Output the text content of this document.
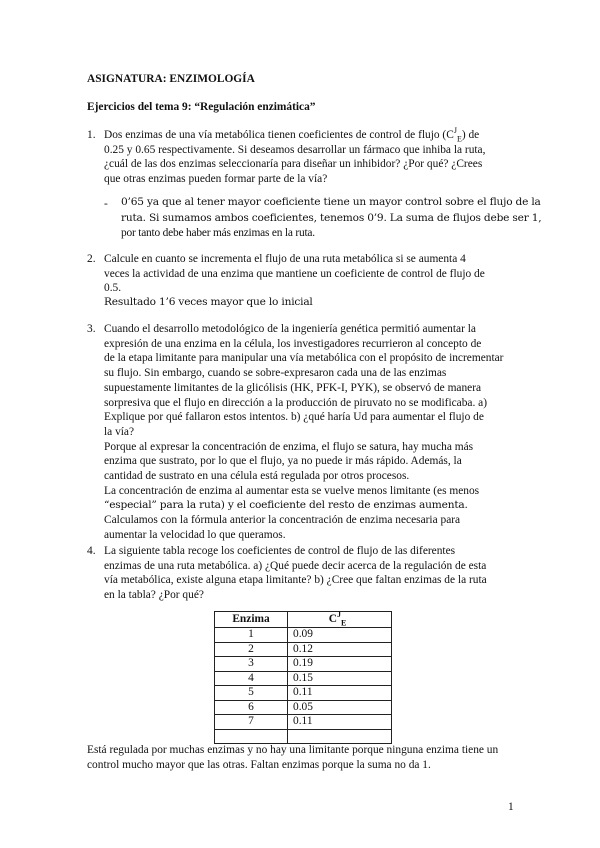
ASIGNATURA: ENZIMOLOGÍA
Ejercicios del tema 9: “Regulación enzimática”
1. Dos enzimas de una vía metabólica tienen coeficientes de control de flujo $(C^J_E)$ de
0.25 y 0.65 respectivamente. Si deseamos desarrollar un fármaco que inhiba la ruta,
¿cuál de las dos enzimas seleccionaría para diseñar un inhibidor? ¿Por qué? ¿Crees
que otras enzimas pueden formar parte de la vía?
- 0’65 ya que al tener mayor coeficiente tiene un mayor control sobre el flujo de la
ruta. Si sumamos ambos coeficientes, tenemos 0’9. La suma de flujos debe ser 1,
por tanto debe haber más enzimas en la ruta.
2. Calcule en cuanto se incrementa el flujo de una ruta metabólica si se aumenta 4
veces la actividad de una enzima que mantiene un coeficiente de control de flujo de
0.5.
Resultado 1’6 veces mayor que lo inicial
3. Cuando el desarrollo metodológico de la ingeniería genética permitió aumentar la
expresión de una enzima en la célula, los investigadores recurrieron al concepto de
de la etapa limitante para manipular una vía metabólica con el propósito de incrementar
su flujo. Sin embargo, cuando se sobre-expresaron cada una de las enzimas
supuestamente limitantes de la glicólisis (HK, PFK-I, PYK), se observó de manera
sorpresiva que el flujo en dirección a la producción de piruvato no se modificaba. a)
Explique por qué fallaron estos intentos. b) ¿qué haría Ud para aumentar el flujo de
la vía?
Porque al expresar la concentración de enzima, el flujo se satura, hay mucha más
enzima que sustrato, por lo que el flujo, ya no puede ir más rápido. Además, la
cantidad de sustrato en una célula está regulada por otros procesos.
La concentración de enzima al aumentar esta se vuelve menos limitante (es menos
“especial” para la ruta) y el coeficiente del resto de enzimas aumenta.
Calculamos con la fórmula anterior la concentración de enzima necesaria para
aumentar la velocidad lo que queramos.
4. La siguiente tabla recoge los coeficientes de control de flujo de las diferentes
enzimas de una ruta metabólica. a) ¿Qué puede decir acerca de la regulación de esta
vía metabólica, existe alguna etapa limitante? b) ¿Cree que faltan enzimas de la ruta
en la tabla? ¿Por qué?
Enzima	$C^J_E$
1	0.09
2	0.12
3	0.19
4	0.15
5	0.11
6	0.05
7	0.11

Está regulada por muchas enzimas y no hay una limitante porque ninguna enzima tiene un
control mucho mayor que las otras. Faltan enzimas porque la suma no da 1.
1
